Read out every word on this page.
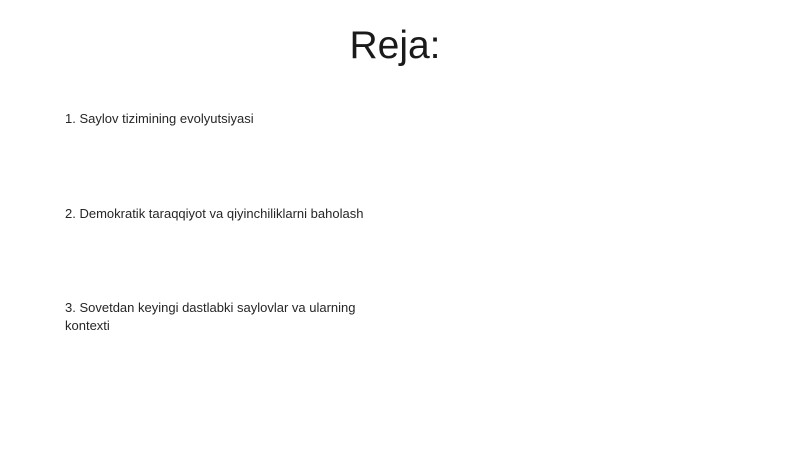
Reja:
1. Saylov tizimining evolyutsiyasi
2. Demokratik taraqqiyot va qiyinchiliklarni baholash
3. Sovetdan keyingi dastlabki saylovlar va ularning kontexti
